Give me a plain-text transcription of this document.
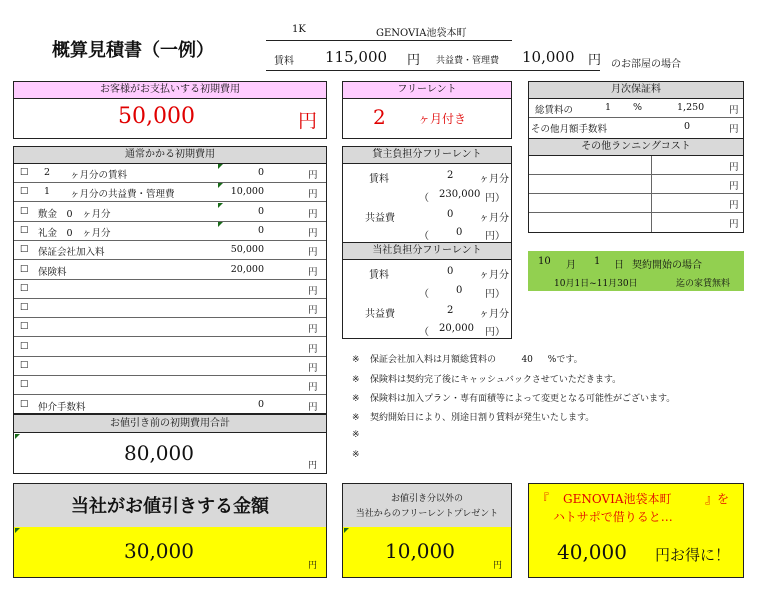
概算見積書（一例）
1K	GENOVIA池袋本町
賃料 115,000 円 共益費・管理費 10,000 円 のお部屋の場合
お客様がお支払いする初期費用
50,000	円
フリーレント
2	ヶ月付き
月次保証料
総賃料の	1 %	1,250	円
その他月額手数料	0	円
その他ランニングコスト
円
円
円
円
通常かかる初期費用
☐ 2 ヶ月分の賃料	0	円
☐ 1 ヶ月分の共益費・管理費	10,000	円
☐ 敷金　0　ヶ月分	0	円
☐ 礼金　0　ヶ月分	0	円
☐ 保証会社加入料	50,000	円
☐ 保険料	20,000	円
☐	円
☐	円
☐	円
☐	円
☐	円
☐	円
☐ 仲介手数料	0	円
お値引き前の初期費用合計
80,000
円
貸主負担分フリーレント
賃料	2	ヶ月分
（ 230,000 円）
共益費	0	ヶ月分
（	0 円）
当社負担分フリーレント
賃料	0	ヶ月分
（	0 円）
共益費	2	ヶ月分
（ 20,000 円）
10 月 1 日 契約開始の場合
10月1日~11月30日	迄の家賃無料
※ 保証会社加入料は月額総賃料の	40 %です。
※ 保険料は契約完了後にキャッシュバックさせていただきます。
※ 保険料は加入プラン・専有面積等によって変更となる可能性がございます。
※ 契約開始日により、別途日割り賃料が発生いたします。
※
※
当社がお値引きする金額
30,000
円
お値引き分以外の
当社からのフリーレントプレゼント
10,000
円
『 GENOVIA池袋本町	』を
ハトサポで借りると…
40,000 円お得に！
